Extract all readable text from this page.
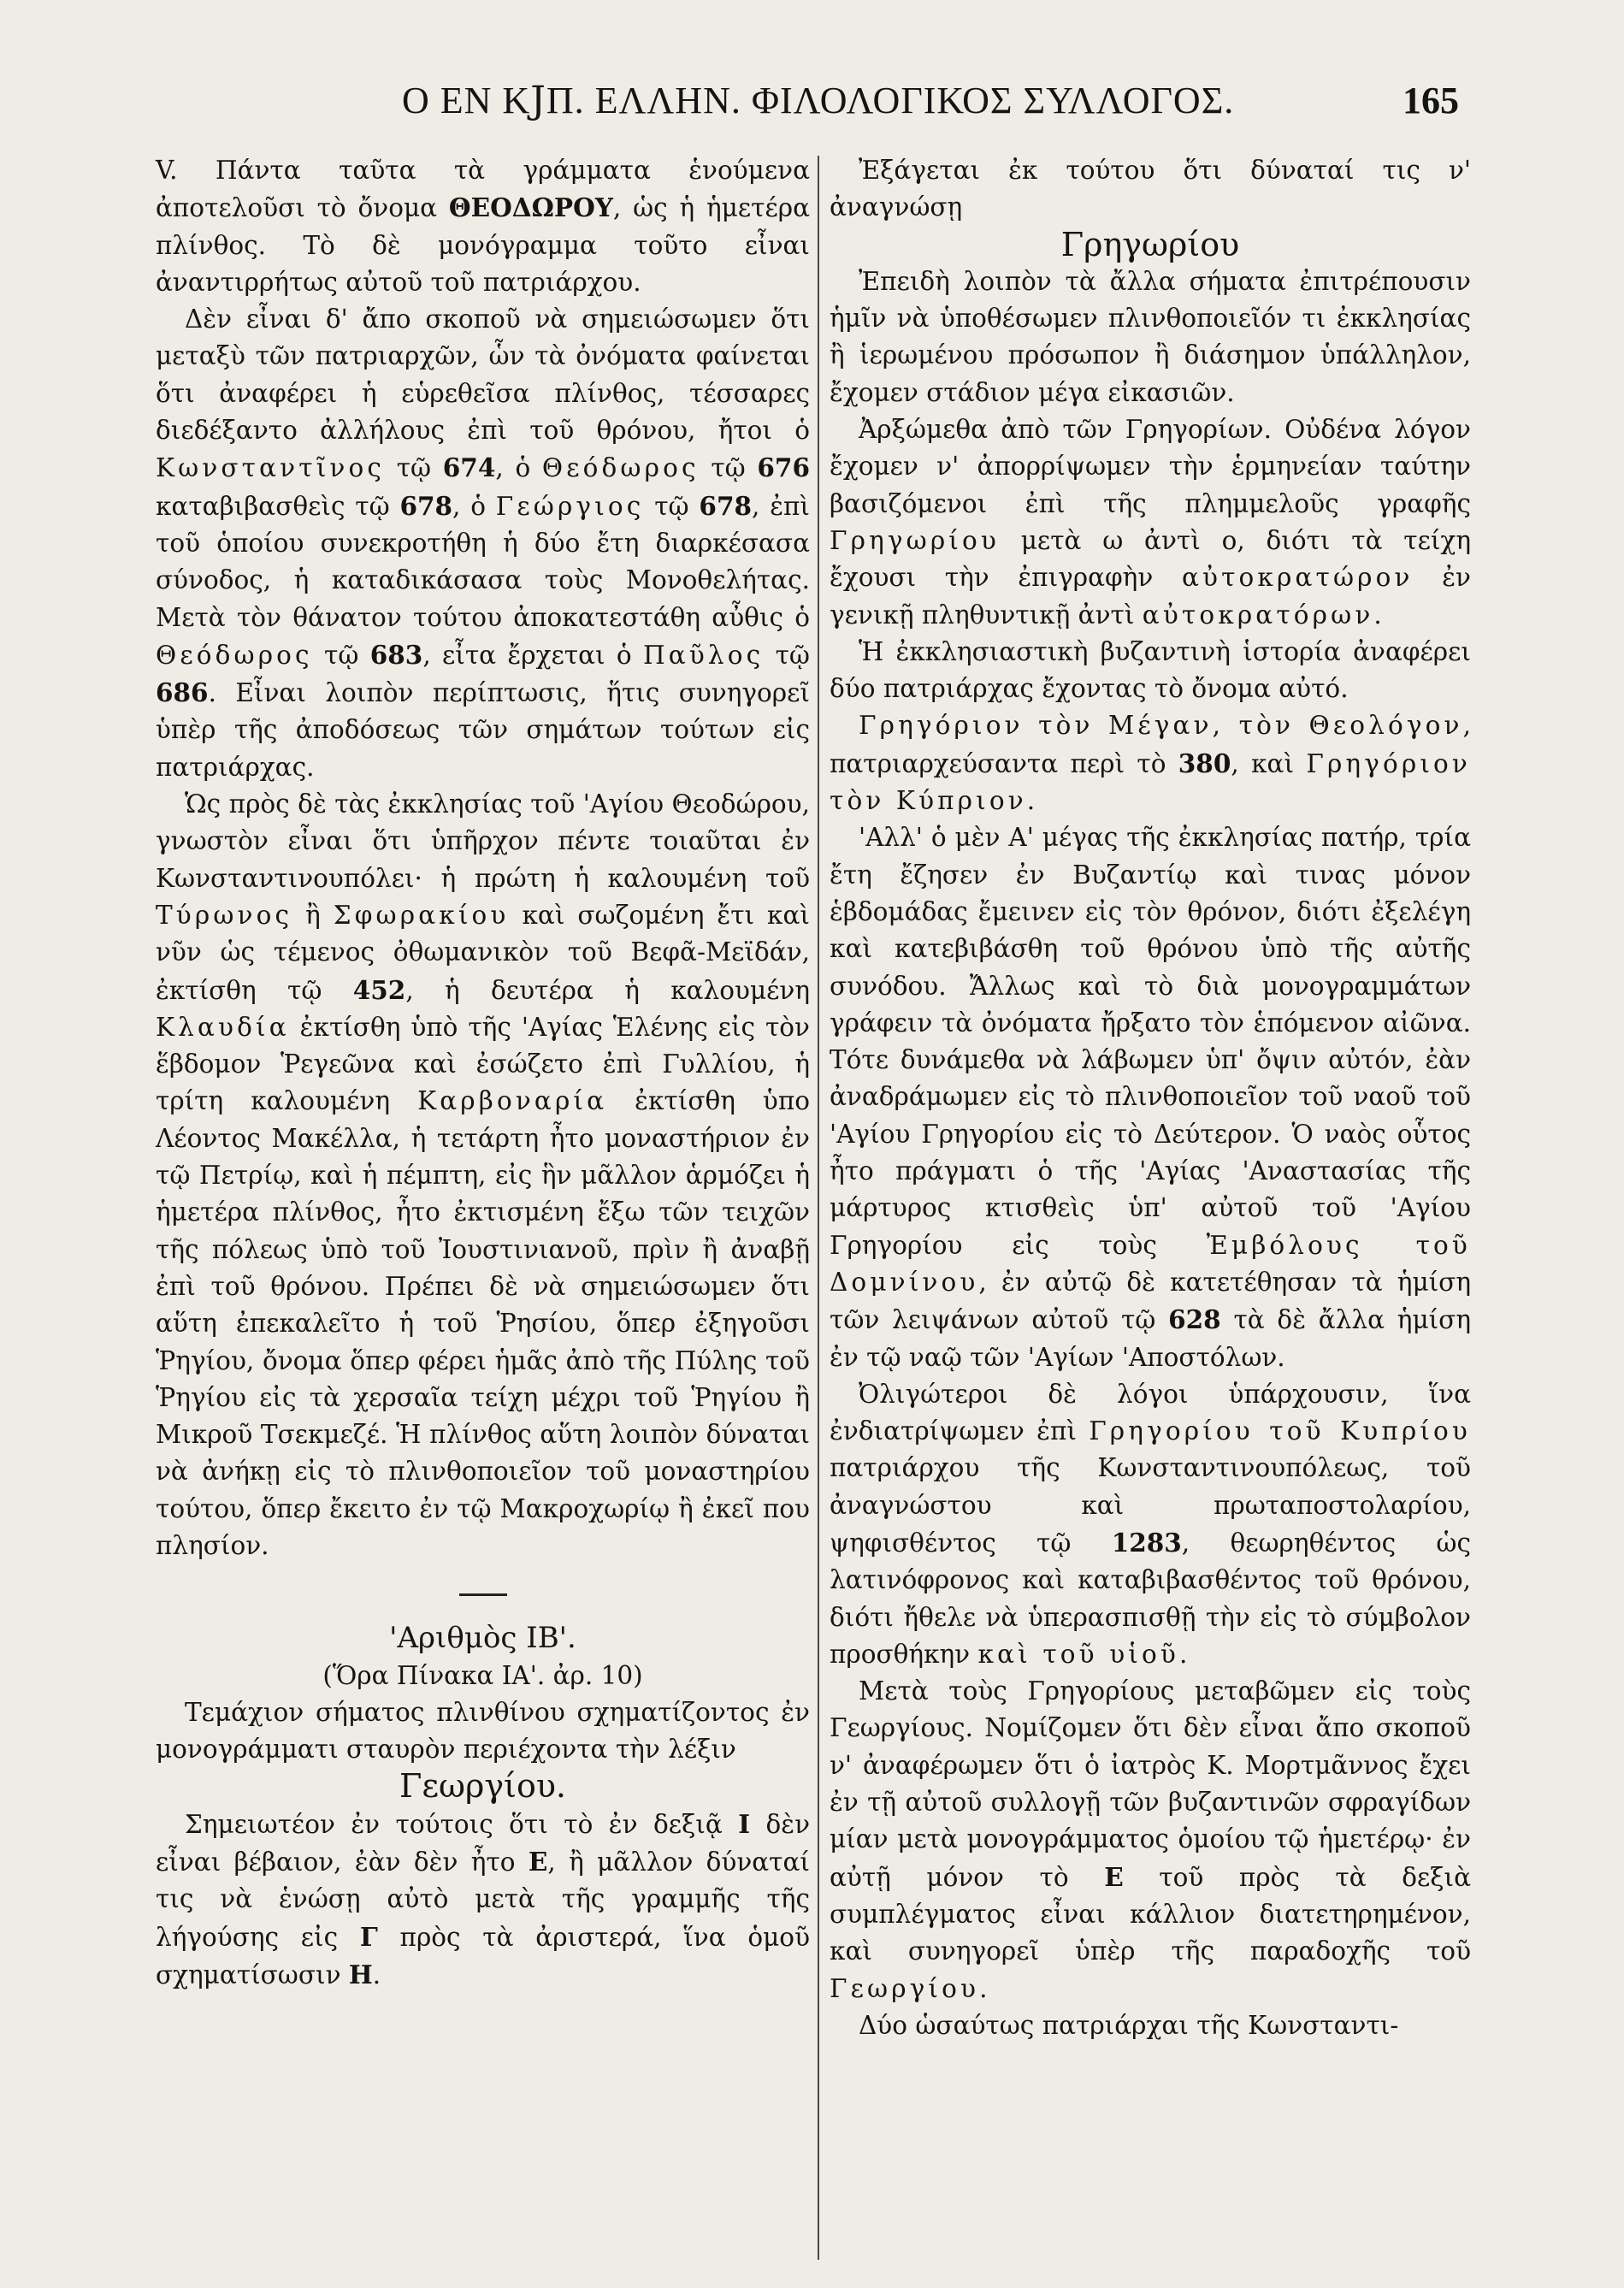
Ο ΕΝ ΚͿΠ. ΕΛΛΗΝ. ΦΙΛΟΛΟΓΙΚΟΣ ΣΥΛΛΟΓΟΣ.	165

V. Πάντα ταῦτα τὰ γράμματα ἑνούμενα ἀποτελοῦσι τὸ ὄνομα ΘΕΟΔΩΡΟΥ, ὡς ἡ ἡμετέρα πλίνθος. Τὸ δὲ μονόγραμμα τοῦτο εἶναι ἀναντιρρήτως αὐτοῦ τοῦ πατριάρχου.

Δὲν εἶναι δ' ἄπο σκοποῦ νὰ σημειώσωμεν ὅτι μεταξὺ τῶν πατριαρχῶν, ὧν τὰ ὀνόματα φαίνεται ὅτι ἀναφέρει ἡ εὑρεθεῖσα πλίνθος, τέσσαρες διεδέξαντο ἀλλήλους ἐπὶ τοῦ θρόνου, ἤτοι ὁ Κωνσταντῖνος τῷ 674, ὁ Θεόδωρος τῷ 676 καταβιβασθεὶς τῷ 678, ὁ Γεώργιος τῷ 678, ἐπὶ τοῦ ὁποίου συνεκροτήθη ἡ δύο ἔτη διαρκέσασα σύνοδος, ἡ καταδικάσασα τοὺς Μονοθελήτας. Μετὰ τὸν θάνατον τούτου ἀποκατεστάθη αὖθις ὁ Θεόδωρος τῷ 683, εἶτα ἔρχεται ὁ Παῦλος τῷ 686. Εἶναι λοιπὸν περίπτωσις, ἥτις συνηγορεῖ ὑπὲρ τῆς ἀποδόσεως τῶν σημάτων τούτων εἰς πατριάρχας.

Ὡς πρὸς δὲ τὰς ἐκκλησίας τοῦ 'Αγίου Θεοδώρου, γνωστὸν εἶναι ὅτι ὑπῆρχον πέντε τοιαῦται ἐν Κωνσταντινουπόλει· ἡ πρώτη ἡ καλουμένη τοῦ Τύρωνος ἢ Σφωρακίου καὶ σωζομένη ἔτι καὶ νῦν ὡς τέμενος ὀθωμανικὸν τοῦ Βεφᾶ-Μεϊδάν, ἐκτίσθη τῷ 452, ἡ δευτέρα ἡ καλουμένη Κλαυδία ἐκτίσθη ὑπὸ τῆς 'Αγίας Ἑλένης εἰς τὸν ἕβδομον Ῥεγεῶνα καὶ ἐσώζετο ἐπὶ Γυλλίου, ἡ τρίτη καλουμένη Καρβοναρία ἐκτίσθη ὑπο Λέοντος Μακέλλα, ἡ τετάρτη ἦτο μοναστήριον ἐν τῷ Πετρίῳ, καὶ ἡ πέμπτη, εἰς ἣν μᾶλλον ἁρμόζει ἡ ἡμετέρα πλίνθος, ἦτο ἐκτισμένη ἔξω τῶν τειχῶν τῆς πόλεως ὑπὸ τοῦ Ἰουστινιανοῦ, πρὶν ἢ ἀναβῇ ἐπὶ τοῦ θρόνου. Πρέπει δὲ νὰ σημειώσωμεν ὅτι αὕτη ἐπεκαλεῖτο ἡ τοῦ Ῥησίου, ὅπερ ἐξηγοῦσι Ῥηγίου, ὄνομα ὅπερ φέρει ἡμᾶς ἀπὸ τῆς Πύλης τοῦ Ῥηγίου εἰς τὰ χερσαῖα τείχη μέχρι τοῦ Ῥηγίου ἢ Μικροῦ Τσεκμεζέ. Ἡ πλίνθος αὕτη λοιπὸν δύναται νὰ ἀνήκῃ εἰς τὸ πλινθοποιεῖον τοῦ μοναστηρίου τούτου, ὅπερ ἔκειτο ἐν τῷ Μακροχωρίῳ ἢ ἐκεῖ που πλησίον.

'Αριθμὸς ΙΒ'.

(Ὅρα Πίνακα ΙΑ'. ἀρ. 10)

Τεμάχιον σήματος πλινθίνου σχηματίζοντος ἐν μονογράμματι σταυρὸν περιέχοντα τὴν λέξιν

Γεωργίου.

Σημειωτέον ἐν τούτοις ὅτι τὸ ἐν δεξιᾷ Ι δὲν εἶναι βέβαιον, ἐὰν δὲν ἦτο Ε, ἢ μᾶλλον δύναταί τις νὰ ἑνώσῃ αὐτὸ μετὰ τῆς γραμμῆς τῆς λήγούσης εἰς Γ πρὸς τὰ ἀριστερά, ἵνα ὁμοῦ σχηματίσωσιν Η.

Ἐξάγεται ἐκ τούτου ὅτι δύναταί τις ν' ἀναγνώσῃ

Γρηγωρίου

Ἐπειδὴ λοιπὸν τὰ ἄλλα σήματα ἐπιτρέπουσιν ἡμῖν νὰ ὑποθέσωμεν πλινθοποιεῖόν τι ἐκκλησίας ἢ ἱερωμένου πρόσωπον ἢ διάσημον ὑπάλληλον, ἔχομεν στάδιον μέγα εἰκασιῶν.

Ἀρξώμεθα ἀπὸ τῶν Γρηγορίων. Οὐδένα λόγον ἔχομεν ν' ἀπορρίψωμεν τὴν ἑρμηνείαν ταύτην βασιζόμενοι ἐπὶ τῆς πλημμελοῦς γραφῆς Γρηγωρίου μετὰ ω ἀντὶ ο, διότι τὰ τείχη ἔχουσι τὴν ἐπιγραφὴν αὐτοκρατώρον ἐν γενικῇ πληθυντικῇ ἀντὶ αὐτοκρατόρων.

Ἡ ἐκκλησιαστικὴ βυζαντινὴ ἱστορία ἀναφέρει δύο πατριάρχας ἔχοντας τὸ ὄνομα αὐτό.

Γρηγόριον τὸν Μέγαν, τὸν Θεολόγον, πατριαρχεύσαντα περὶ τὸ 380, καὶ Γρηγόριον τὸν Κύπριον.

'Αλλ' ὁ μὲν Α' μέγας τῆς ἐκκλησίας πατήρ, τρία ἔτη ἔζησεν ἐν Βυζαντίῳ καὶ τινας μόνον ἑβδομάδας ἔμεινεν εἰς τὸν θρόνον, διότι ἐξελέγη καὶ κατεβιβάσθη τοῦ θρόνου ὑπὸ τῆς αὐτῆς συνόδου. Ἄλλως καὶ τὸ διὰ μονογραμμάτων γράφειν τὰ ὀνόματα ἤρξατο τὸν ἑπόμενον αἰῶνα. Τότε δυνάμεθα νὰ λάβωμεν ὑπ' ὄψιν αὐτόν, ἐὰν ἀναδράμωμεν εἰς τὸ πλινθοποιεῖον τοῦ ναοῦ τοῦ 'Αγίου Γρηγορίου εἰς τὸ Δεύτερον. Ὁ ναὸς οὗτος ἦτο πράγματι ὁ τῆς 'Αγίας 'Αναστασίας τῆς μάρτυρος κτισθεὶς ὑπ' αὐτοῦ τοῦ 'Αγίου Γρηγορίου εἰς τοὺς Ἐμβόλους τοῦ Δομνίνου, ἐν αὐτῷ δὲ κατετέθησαν τὰ ἡμίση τῶν λειψάνων αὐτοῦ τῷ 628 τὰ δὲ ἄλλα ἡμίση ἐν τῷ ναῷ τῶν 'Αγίων 'Αποστόλων.

Ὀλιγώτεροι δὲ λόγοι ὑπάρχουσιν, ἵνα ἐνδιατρίψωμεν ἐπὶ Γρηγορίου τοῦ Κυπρίου πατριάρχου τῆς Κωνσταντινουπόλεως, τοῦ ἀναγνώστου καὶ πρωταποστολαρίου, ψηφισθέντος τῷ 1283, θεωρηθέντος ὡς λατινόφρονος καὶ καταβιβασθέντος τοῦ θρόνου, διότι ἤθελε νὰ ὑπερασπισθῇ τὴν εἰς τὸ σύμβολον προσθήκην καὶ τοῦ υἱοῦ.

Μετὰ τοὺς Γρηγορίους μεταβῶμεν εἰς τοὺς Γεωργίους. Νομίζομεν ὅτι δὲν εἶναι ἄπο σκοποῦ ν' ἀναφέρωμεν ὅτι ὁ ἰατρὸς Κ. Μορτμᾶννος ἔχει ἐν τῇ αὐτοῦ συλλογῇ τῶν βυζαντινῶν σφραγίδων μίαν μετὰ μονογράμματος ὁμοίου τῷ ἡμετέρῳ· ἐν αὐτῇ μόνον τὸ Ε τοῦ πρὸς τὰ δεξιὰ συμπλέγματος εἶναι κάλλιον διατετηρημένον, καὶ συνηγορεῖ ὑπὲρ τῆς παραδοχῆς τοῦ Γεωργίου.

Δύο ὡσαύτως πατριάρχαι τῆς Κωνσταντι-
